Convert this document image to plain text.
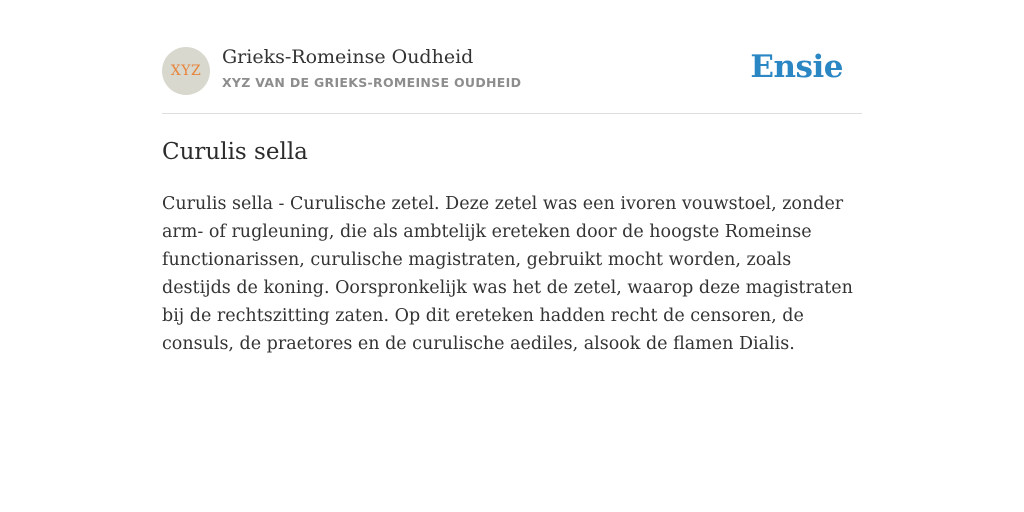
XYZ
Grieks-Romeinse Oudheid
XYZ VAN DE GRIEKS-ROMEINSE OUDHEID	Ensie
Curulis sella

Curulis sella - Curulische zetel. Deze zetel was een ivoren vouwstoel, zonder arm- of rugleuning, die als ambtelijk ereteken door de hoogste Romeinse functionarissen, curulische magistraten, gebruikt mocht worden, zoals destijds de koning. Oorspronkelijk was het de zetel, waarop deze magistraten bij de rechtszitting zaten. Op dit ereteken hadden recht de censoren, de consuls, de praetores en de curulische aediles, alsook de flamen Dialis.
